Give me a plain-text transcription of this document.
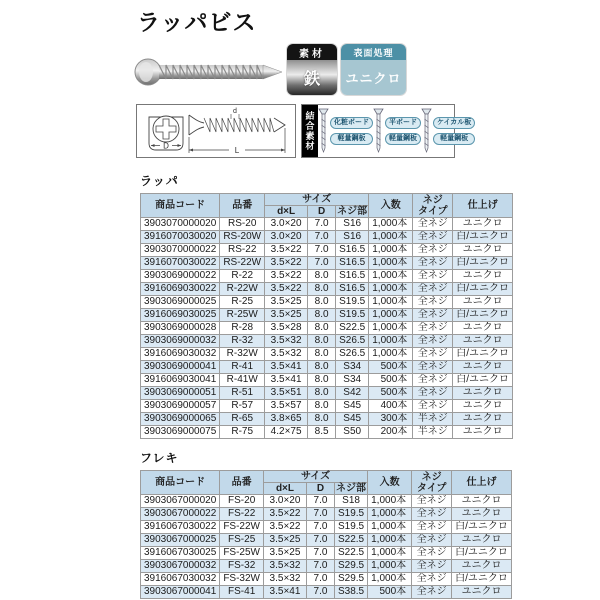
ラッパビス
素材
鉄
表面処理
ユニクロ
D
d
L	結合素材	化粧ボード
軽量鋼板
平ボード
軽量鋼板
ケイカル板
軽量鋼板
ラッパ
商品コード	品番	サイズ			入数	ネジ
タイプ	仕上げ
		d×L	D	ネジ部			
3903070000020	RS-20	3.0×20	7.0	S16	1,000本	全ネジ	ユニクロ
3916070030020	RS-20W	3.0×20	7.0	S16	1,000本	全ネジ	白/ユニクロ
3903070000022	RS-22	3.5×22	7.0	S16.5	1,000本	全ネジ	ユニクロ
3916070030022	RS-22W	3.5×22	7.0	S16.5	1,000本	全ネジ	白/ユニクロ
3903069000022	R-22	3.5×22	8.0	S16.5	1,000本	全ネジ	ユニクロ
3916069030022	R-22W	3.5×22	8.0	S16.5	1,000本	全ネジ	白/ユニクロ
3903069000025	R-25	3.5×25	8.0	S19.5	1,000本	全ネジ	ユニクロ
3916069030025	R-25W	3.5×25	8.0	S19.5	1,000本	全ネジ	白/ユニクロ
3903069000028	R-28	3.5×28	8.0	S22.5	1,000本	全ネジ	ユニクロ
3903069000032	R-32	3.5×32	8.0	S26.5	1,000本	全ネジ	ユニクロ
3916069030032	R-32W	3.5×32	8.0	S26.5	1,000本	全ネジ	白/ユニクロ
3903069000041	R-41	3.5×41	8.0	S34	500本	全ネジ	ユニクロ
3916069030041	R-41W	3.5×41	8.0	S34	500本	全ネジ	白/ユニクロ
3903069000051	R-51	3.5×51	8.0	S42	500本	全ネジ	ユニクロ
3903069000057	R-57	3.5×57	8.0	S45	400本	全ネジ	ユニクロ
3903069000065	R-65	3.8×65	8.0	S45	300本	半ネジ	ユニクロ
3903069000075	R-75	4.2×75	8.5	S50	200本	半ネジ	ユニクロ
フレキ
商品コード	品番	サイズ			入数	ネジ
タイプ	仕上げ
		d×L	D	ネジ部			
3903067000020	FS-20	3.0×20	7.0	S18	1,000本	全ネジ	ユニクロ
3903067000022	FS-22	3.5×22	7.0	S19.5	1,000本	全ネジ	ユニクロ
3916067030022	FS-22W	3.5×22	7.0	S19.5	1,000本	全ネジ	白/ユニクロ
3903067000025	FS-25	3.5×25	7.0	S22.5	1,000本	全ネジ	ユニクロ
3916067030025	FS-25W	3.5×25	7.0	S22.5	1,000本	全ネジ	白/ユニクロ
3903067000032	FS-32	3.5×32	7.0	S29.5	1,000本	全ネジ	ユニクロ
3916067030032	FS-32W	3.5×32	7.0	S29.5	1,000本	全ネジ	白/ユニクロ
3903067000041	FS-41	3.5×41	7.0	S38.5	500本	全ネジ	ユニクロ
